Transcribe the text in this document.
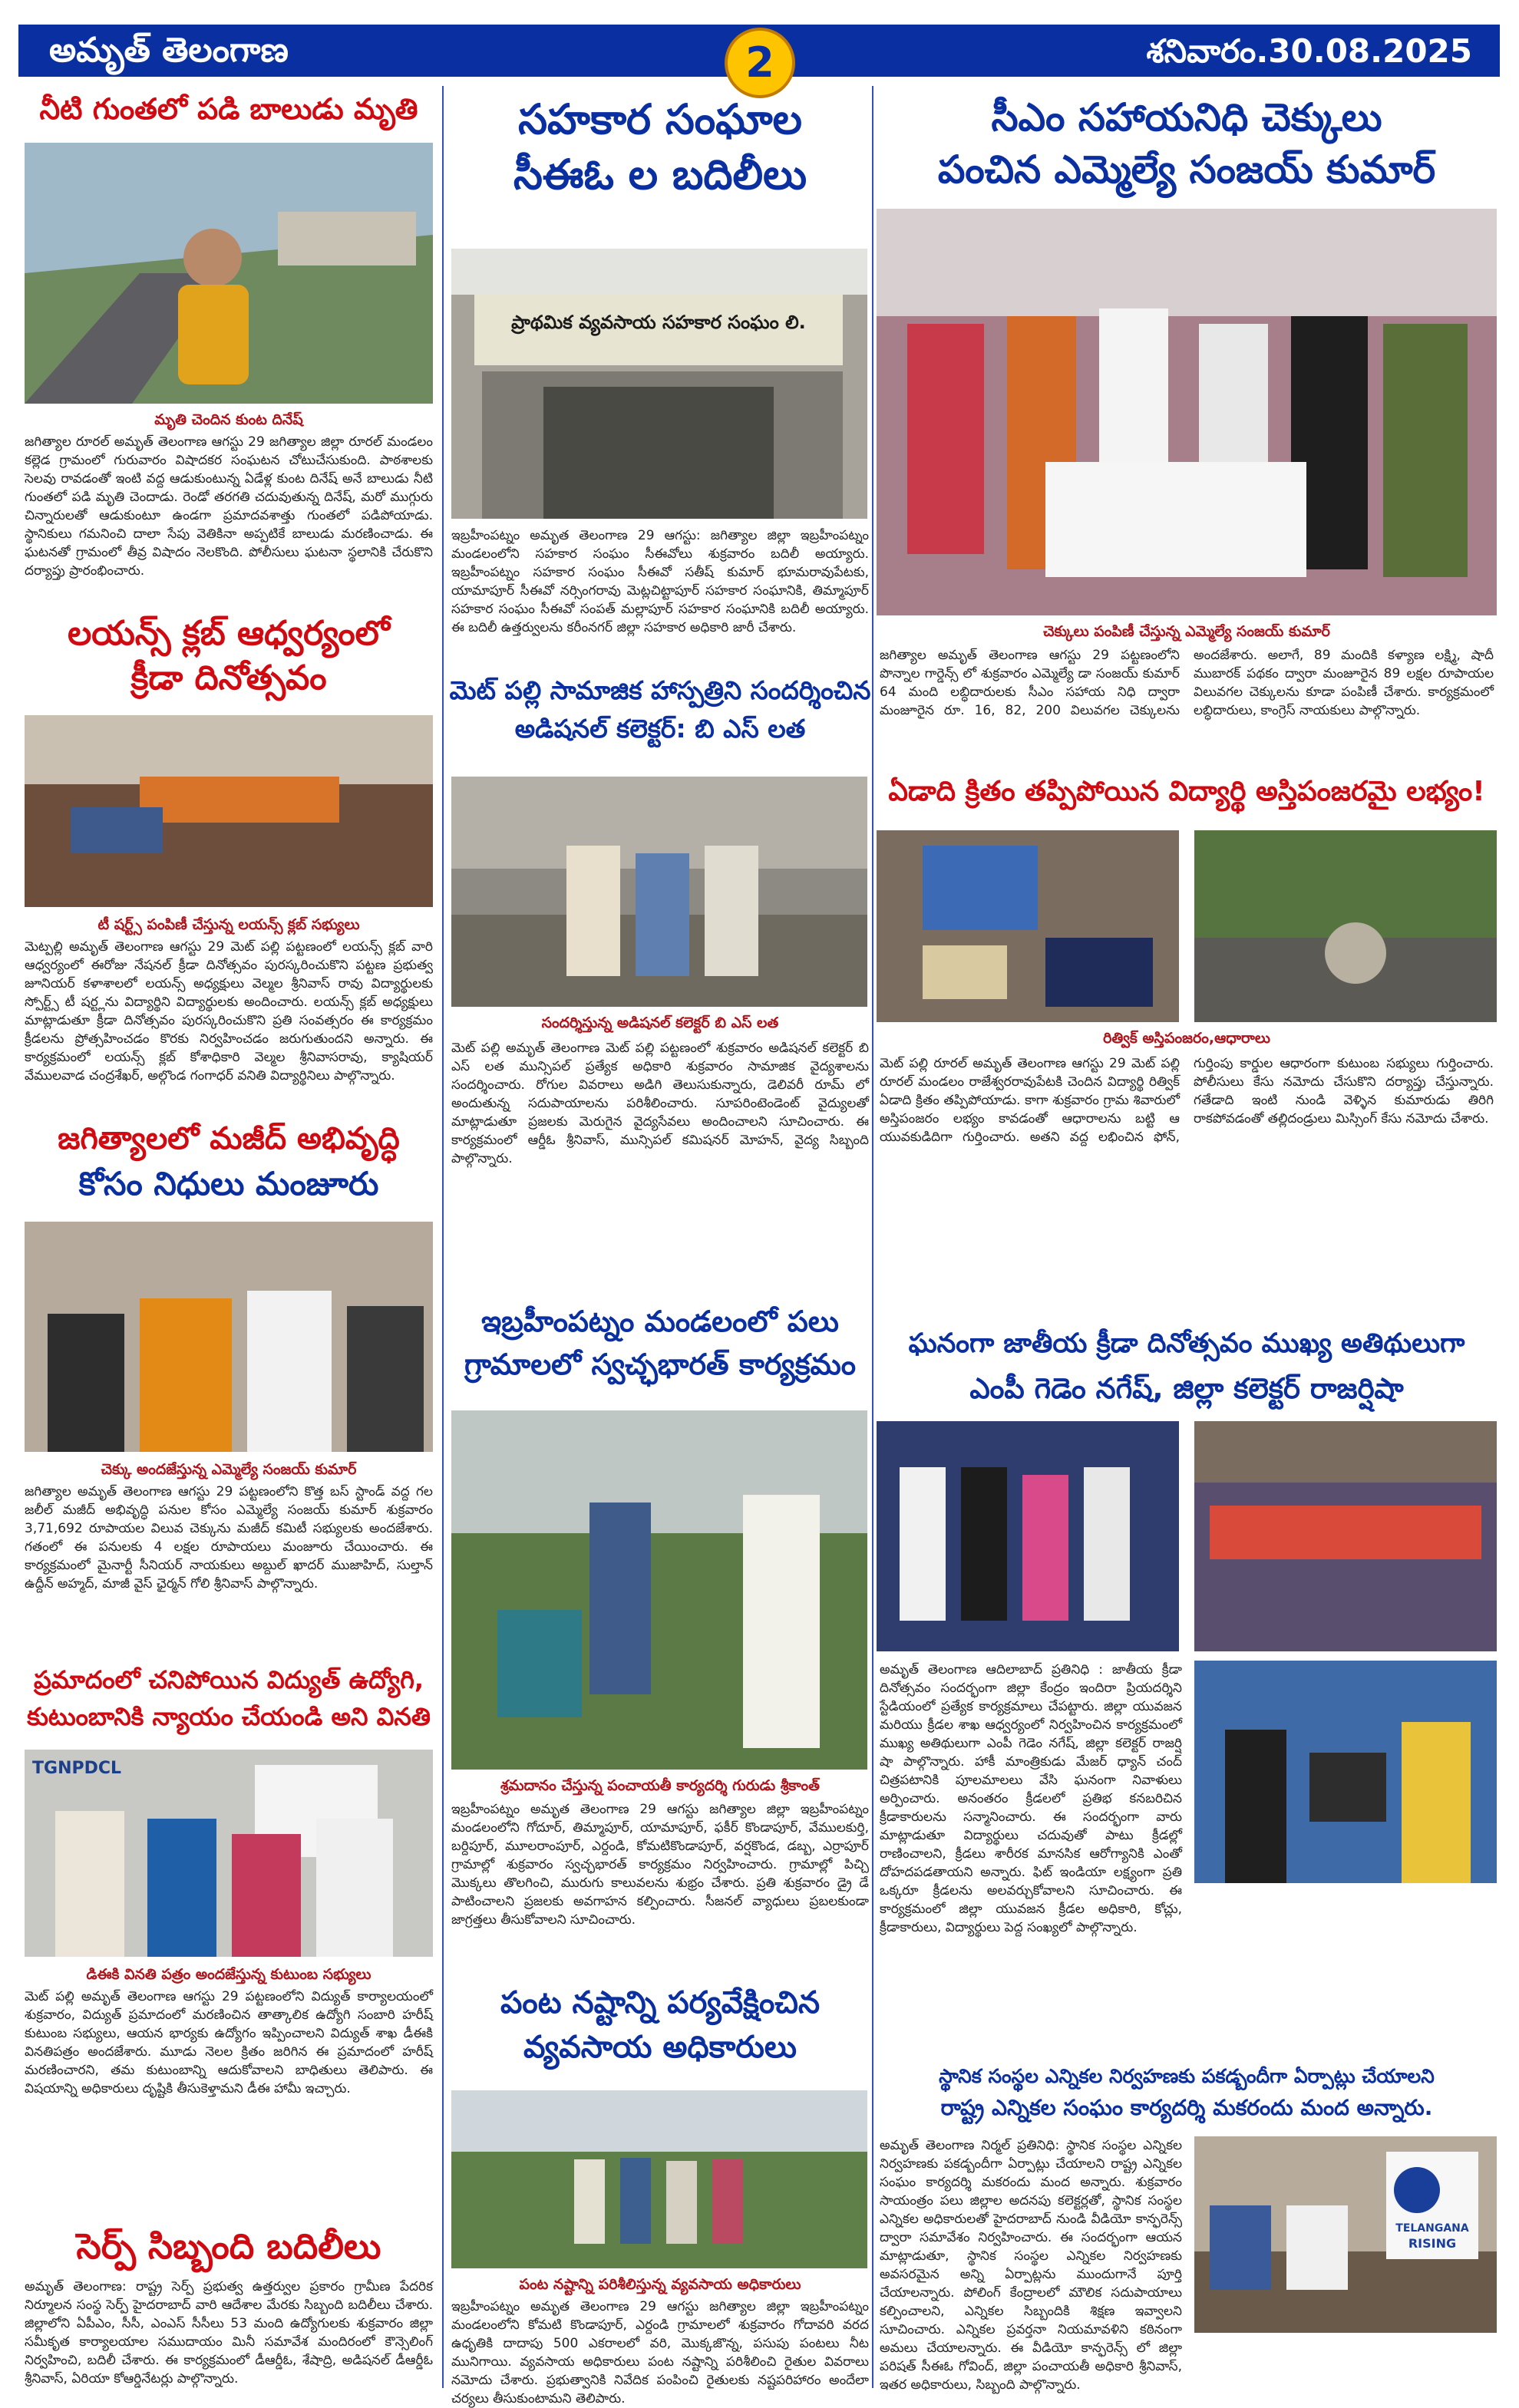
అమృత్ తెలంగాణ	శనివారం.30.08.2025
2
నీటి గుంతలో పడి బాలుడు మృతి
మృతి చెందిన కుంట దినేష్
జగిత్యాల రూరల్ అమృత్ తెలంగాణ ఆగస్టు 29 జగిత్యాల జిల్లా రూరల్ మండలం కల్లెడ గ్రామంలో గురువారం విషాదకర సంఘటన చోటుచేసుకుంది. పాఠశాలకు సెలవు రావడంతో ఇంటి వద్ద ఆడుకుంటున్న ఏడేళ్ల కుంట దినేష్ అనే బాలుడు నీటి గుంతలో పడి మృతి చెందాడు. రెండో తరగతి చదువుతున్న దినేష్, మరో ముగ్గురు చిన్నారులతో ఆడుకుంటూ ఉండగా ప్రమాదవశాత్తు గుంతలో పడిపోయాడు. స్థానికులు గమనించి దాలా సేపు వెతికినా అప్పటికే బాలుడు మరణించాడు. ఈ ఘటనతో గ్రామంలో తీవ్ర విషాదం నెలకొంది. పోలీసులు ఘటనా స్థలానికి చేరుకొని దర్యాప్తు ప్రారంభించారు.
లయన్స్ క్లబ్ ఆధ్వర్యంలో
క్రీడా దినోత్సవం
టీ షర్ట్స్ పంపిణీ చేస్తున్న లయన్స్ క్లబ్ సభ్యులు
మెట్పల్లి అమృత్ తెలంగాణ ఆగస్టు 29 మెట్ పల్లి పట్టణంలో లయన్స్ క్లబ్ వారి ఆధ్వర్యంలో ఈరోజు నేషనల్ క్రీడా దినోత్సవం పురస్కరించుకొని పట్టణ ప్రభుత్వ జూనియర్ కళాశాలలో లయన్స్ అధ్యక్షులు వెల్మల శ్రీనివాస్ రావు విద్యార్థులకు స్పోర్ట్స్ టీ షర్ట్లను విద్యార్థిని విద్యార్థులకు అందించారు. లయన్స్ క్లబ్ అధ్యక్షులు మాట్లాడుతూ క్రీడా దినోత్సవం పురస్కరించుకొని ప్రతి సంవత్సరం ఈ కార్యక్రమం క్రీడలను ప్రోత్సహించడం కొరకు నిర్వహించడం జరుగుతుందని అన్నారు. ఈ కార్యక్రమంలో లయన్స్ క్లబ్ కోశాధికారి వెల్మల శ్రీనివాసరావు, క్యాషియర్ వేములవాడ చంద్రశేఖర్, అల్గొండ గంగాధర్ వనితి విద్యార్థినిలు పాల్గొన్నారు.
జగిత్యాలలో మజీద్ అభివృద్ధి
కోసం నిధులు మంజూరు
చెక్కు అందజేస్తున్న ఎమ్మెల్యే సంజయ్ కుమార్
జగిత్యాల అమృత్ తెలంగాణ ఆగస్టు 29 పట్టణంలోని కొత్త బస్ స్టాండ్ వద్ద గల జలీల్ మజీద్ అభివృద్ధి పనుల కోసం ఎమ్మెల్యే సంజయ్ కుమార్ శుక్రవారం 3,71,692 రూపాయల విలువ చెక్కును మజీద్ కమిటీ సభ్యులకు అందజేశారు. గతంలో ఈ పనులకు 4 లక్షల రూపాయలు మంజూరు చేయించారు. ఈ కార్యక్రమంలో మైనార్టీ సీనియర్ నాయకులు అబ్దుల్ ఖాదర్ ముజాహిద్, సుల్తాన్ ఉద్దీన్ అహ్మద్, మాజీ వైస్ ఛైర్మన్ గోలి శ్రీనివాస్ పాల్గొన్నారు.
ప్రమాదంలో చనిపోయిన విద్యుత్ ఉద్యోగి,
కుటుంబానికి న్యాయం చేయండి అని వినతి
TGNPDCL
డిఈకి వినతి పత్రం అందజేస్తున్న కుటుంబ సభ్యులు
మెట్ పల్లి అమృత్ తెలంగాణ ఆగస్టు 29 పట్టణంలోని విద్యుత్ కార్యాలయంలో శుక్రవారం, విద్యుత్ ప్రమాదంలో మరణించిన తాత్కాలిక ఉద్యోగి సంబారి హరీష్ కుటుంబ సభ్యులు, ఆయన భార్యకు ఉద్యోగం ఇప్పించాలని విద్యుత్ శాఖ డీఈకి వినతిపత్రం అందజేశారు. మూడు నెలల క్రితం జరిగిన ఈ ప్రమాదంలో హరీష్ మరణించారని, తమ కుటుంబాన్ని ఆదుకోవాలని బాధితులు తెలిపారు. ఈ విషయాన్ని అధికారులు దృష్టికి తీసుకెళ్తామని డీఈ హామీ ఇచ్చారు.
సెర్ప్ సిబ్బంది బదిలీలు
అమృత్ తెలంగాణ: రాష్ట్ర సెర్ప్ ప్రభుత్వ ఉత్తర్వుల ప్రకారం గ్రామీణ పేదరిక నిర్మూలన సంస్థ సెర్ప్ హైదరాబాద్ వారి ఆదేశాల మేరకు సిబ్బంది బదిలీలు చేశారు. జిల్లాలోని ఏపీఎం, సీసీ, ఎంఎస్ సీసీలు 53 మంది ఉద్యోగులకు శుక్రవారం జిల్లా సమీకృత కార్యాలయాల సముదాయం మినీ సమావేశ మందిరంలో కౌన్సెలింగ్ నిర్వహించి, బదిలీ చేశారు. ఈ కార్యక్రమంలో డీఆర్డీఓ, శేషాద్రి, అడిషనల్ డీఆర్డీఓ శ్రీనివాస్, ఏరియా కోఆర్డినేటర్లు పాల్గొన్నారు.
సహకార సంఘాల
సీఈఓ ల బదిలీలు
ప్రాథమిక వ్యవసాయ సహకార సంఘం లి.
ఇబ్రహీంపట్నం అమృత తెలంగాణ 29 ఆగస్టు: జగిత్యాల జిల్లా ఇబ్రహీంపట్నం మండలంలోని సహకార సంఘం సీఈవోలు శుక్రవారం బదిలీ అయ్యారు. ఇబ్రహీంపట్నం సహకార సంఘం సీఈవో సతీష్ కుమార్ భూమరావుపేటకు, యామాపూర్ సీఈవో నర్సింగరావు మెట్లచిట్టాపూర్ సహకార సంఘానికి, తిమ్మాపూర్ సహకార సంఘం సీఈవో సంపత్ మల్లాపూర్ సహకార సంఘానికి బదిలీ అయ్యారు. ఈ బదిలీ ఉత్తర్వులను కరీంనగర్ జిల్లా సహకార అధికారి జారీ చేశారు.
మెట్ పల్లి సామాజిక హాస్పత్రిని సందర్శించిన
అడిషనల్ కలెక్టర్: బి ఎస్ లత
సందర్శిస్తున్న అడిషనల్ కలెక్టర్ బి ఎస్ లత
మెట్ పల్లి అమృత్ తెలంగాణ మెట్ పల్లి పట్టణంలో శుక్రవారం అడిషనల్ కలెక్టర్ బి ఎస్ లత మున్సిపల్ ప్రత్యేక అధికారి శుక్రవారం సామాజిక వైద్యశాలను సందర్శించారు. రోగుల వివరాలు అడిగి తెలుసుకున్నారు, డెలివరీ రూమ్ లో అందుతున్న సదుపాయాలను పరిశీలించారు. సూపరింటెండెంట్ వైద్యులతో మాట్లాడుతూ ప్రజలకు మెరుగైన వైద్యసేవలు అందించాలని సూచించారు. ఈ కార్యక్రమంలో ఆర్డీఓ శ్రీనివాస్, మున్సిపల్ కమిషనర్ మోహన్, వైద్య సిబ్బంది పాల్గొన్నారు.
ఇబ్రహీంపట్నం మండలంలో పలు
గ్రామాలలో స్వచ్ఛభారత్ కార్యక్రమం
శ్రమదానం చేస్తున్న పంచాయతీ కార్యదర్శి గురుడు శ్రీకాంత్
ఇబ్రహీంపట్నం అమృత తెలంగాణ 29 ఆగస్టు జగిత్యాల జిల్లా ఇబ్రహీంపట్నం మండలంలోని గోదూర్, తిమ్మాపూర్, యామాపూర్, ఫకీర్ కొండాపూర్, వేములకుర్తి, బర్దిపూర్, మూలరాంపూర్, ఎర్దండి, కోమటికొండాపూర్, వర్షకొండ, డబ్బ, ఎర్రాపూర్ గ్రామాల్లో శుక్రవారం స్వచ్ఛభారత్ కార్యక్రమం నిర్వహించారు. గ్రామాల్లో పిచ్చి మొక్కలు తొలగించి, మురుగు కాలువలను శుభ్రం చేశారు. ప్రతి శుక్రవారం డ్రై డే పాటించాలని ప్రజలకు అవగాహన కల్పించారు. సీజనల్ వ్యాధులు ప్రబలకుండా జాగ్రత్తలు తీసుకోవాలని సూచించారు.
పంట నష్టాన్ని పర్యవేక్షించిన
వ్యవసాయ అధికారులు
పంట నష్టాన్ని పరిశీలిస్తున్న వ్యవసాయ అధికారులు
ఇబ్రహీంపట్నం అమృత తెలంగాణ 29 ఆగస్టు జగిత్యాల జిల్లా ఇబ్రహీంపట్నం మండలంలోని కోమటి కొండాపూర్, ఎర్దండి గ్రామాలలో శుక్రవారం గోదావరి వరద ఉధృతికి దాదాపు 500 ఎకరాలలో వరి, మొక్కజొన్న, పసుపు పంటలు నీట మునిగాయి. వ్యవసాయ అధికారులు పంట నష్టాన్ని పరిశీలించి రైతుల వివరాలు నమోదు చేశారు. ప్రభుత్వానికి నివేదిక పంపించి రైతులకు నష్టపరిహారం అందేలా చర్యలు తీసుకుంటామని తెలిపారు.
సీఎం సహాయనిధి చెక్కులు
పంచిన ఎమ్మెల్యే సంజయ్ కుమార్
చెక్కులు పంపిణీ చేస్తున్న ఎమ్మెల్యే సంజయ్ కుమార్
జగిత్యాల అమృత్ తెలంగాణ ఆగస్టు 29 పట్టణంలోని పొన్నాల గార్డెన్స్ లో శుక్రవారం ఎమ్మెల్యే డా సంజయ్ కుమార్ 64 మంది లబ్ధిదారులకు సీఎం సహాయ నిధి ద్వారా మంజూరైన రూ. 16, 82, 200 విలువగల చెక్కులను అందజేశారు. అలాగే, 89 మందికి కళ్యాణ లక్ష్మి, షాదీ ముబారక్ పథకం ద్వారా మంజూరైన 89 లక్షల రూపాయల విలువగల చెక్కులను కూడా పంపిణీ చేశారు. కార్యక్రమంలో లబ్ధిదారులు, కాంగ్రెస్ నాయకులు పాల్గొన్నారు.
ఏడాది క్రితం తప్పిపోయిన విద్యార్థి అస్తిపంజరమై లభ్యం!
రిత్విక్ అస్తిపంజరం,ఆధారాలు
మెట్ పల్లి రూరల్ అమృత్ తెలంగాణ ఆగస్టు 29 మెట్ పల్లి రూరల్ మండలం రాజేశ్వరరావుపేటకి చెందిన విద్యార్థి రిత్విక్ ఏడాది క్రితం తప్పిపోయాడు. కాగా శుక్రవారం గ్రామ శివారులో అస్తిపంజరం లభ్యం కావడంతో ఆధారాలను బట్టి ఆ యువకుడిదిగా గుర్తించారు. అతని వద్ద లభించిన ఫోన్, గుర్తింపు కార్డుల ఆధారంగా కుటుంబ సభ్యులు గుర్తించారు. పోలీసులు కేసు నమోదు చేసుకొని దర్యాప్తు చేస్తున్నారు. గతేడాది ఇంటి నుండి వెళ్ళిన కుమారుడు తిరిగి రాకపోవడంతో తల్లిదండ్రులు మిస్సింగ్ కేసు నమోదు చేశారు.
ఘనంగా జాతీయ క్రీడా దినోత్సవం ముఖ్య అతిథులుగా
ఎంపీ గెడెం నగేష్, జిల్లా కలెక్టర్ రాజర్షిషా
అమృత్ తెలంగాణ ఆదిలాబాద్ ప్రతినిధి : జాతీయ క్రీడా దినోత్సవం సందర్భంగా జిల్లా కేంద్రం ఇందిరా ప్రియదర్శిని స్టేడియంలో ప్రత్యేక కార్యక్రమాలు చేపట్టారు. జిల్లా యువజన మరియు క్రీడల శాఖ ఆధ్వర్యంలో నిర్వహించిన కార్యక్రమంలో ముఖ్య అతిథులుగా ఎంపీ గెడెం నగేష్, జిల్లా కలెక్టర్ రాజర్షి షా పాల్గొన్నారు. హాకీ మాంత్రికుడు మేజర్ ధ్యాన్ చంద్ చిత్రపటానికి పూలమాలలు వేసి ఘనంగా నివాళులు అర్పించారు. అనంతరం క్రీడలలో ప్రతిభ కనబరిచిన క్రీడాకారులను సన్మానించారు. ఈ సందర్భంగా వారు మాట్లాడుతూ విద్యార్థులు చదువుతో పాటు క్రీడల్లో రాణించాలని, క్రీడలు శారీరక మానసిక ఆరోగ్యానికి ఎంతో దోహదపడతాయని అన్నారు. ఫిట్ ఇండియా లక్ష్యంగా ప్రతి ఒక్కరూ క్రీడలను అలవర్చుకోవాలని సూచించారు. ఈ కార్యక్రమంలో జిల్లా యువజన క్రీడల అధికారి, కోచ్లు, క్రీడాకారులు, విద్యార్థులు పెద్ద సంఖ్యలో పాల్గొన్నారు.
స్థానిక సంస్థల ఎన్నికల నిర్వహణకు పకడ్బందీగా ఏర్పాట్లు చేయాలని
రాష్ట్ర ఎన్నికల సంఘం కార్యదర్శి మకరందు మంద అన్నారు.
అమృత్ తెలంగాణ నిర్మల్ ప్రతినిధి: స్థానిక సంస్థల ఎన్నికల నిర్వహణకు పకడ్బందీగా ఏర్పాట్లు చేయాలని రాష్ట్ర ఎన్నికల సంఘం కార్యదర్శి మకరందు మంద అన్నారు. శుక్రవారం సాయంత్రం పలు జిల్లాల అదనపు కలెక్టర్లతో, స్థానిక సంస్థల ఎన్నికల అధికారులతో హైదరాబాద్ నుండి వీడియో కాన్ఫరెన్స్ ద్వారా సమావేశం నిర్వహించారు. ఈ సందర్భంగా ఆయన మాట్లాడుతూ, స్థానిక సంస్థల ఎన్నికల నిర్వహణకు అవసరమైన అన్ని ఏర్పాట్లను ముందుగానే పూర్తి చేయాలన్నారు. పోలింగ్ కేంద్రాలలో మౌలిక సదుపాయాలు కల్పించాలని, ఎన్నికల సిబ్బందికి శిక్షణ ఇవ్వాలని సూచించారు. ఎన్నికల ప్రవర్తనా నియమావళిని కఠినంగా అమలు చేయాలన్నారు. ఈ వీడియో కాన్ఫరెన్స్ లో జిల్లా పరిషత్ సీఈఓ గోవింద్, జిల్లా పంచాయతీ అధికారి శ్రీనివాస్, ఇతర అధికారులు, సిబ్బంది పాల్గొన్నారు.
TELANGANA
RISING
